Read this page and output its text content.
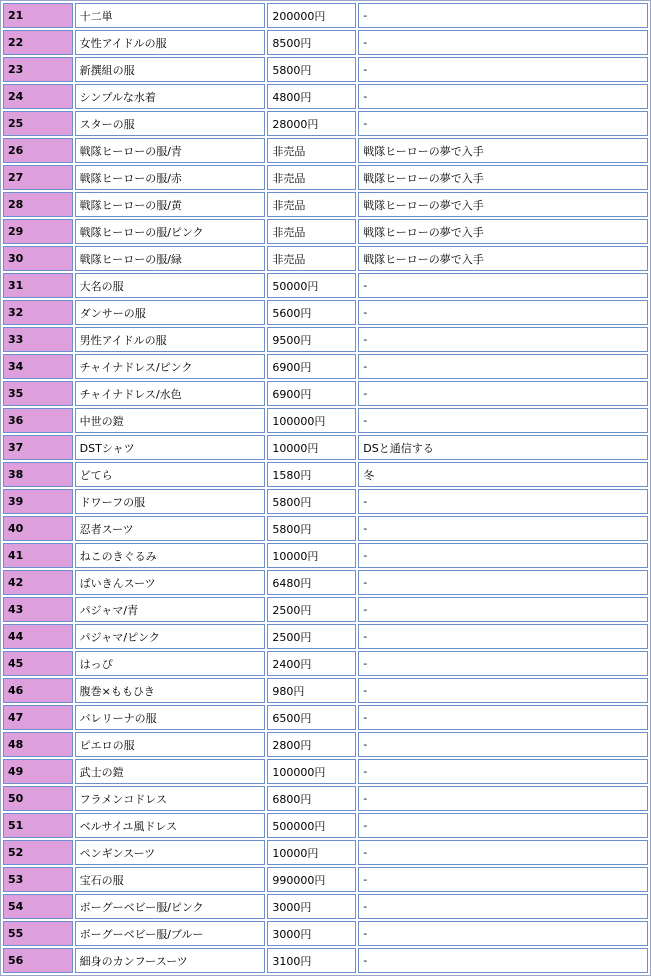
21	十二単	200000円	-
22	女性アイドルの服	8500円	-
23	新撰組の服	5800円	-
24	シンプルな水着	4800円	-
25	スターの服	28000円	-
26	戦隊ヒーローの服/青	非売品	戦隊ヒーローの夢で入手
27	戦隊ヒーローの服/赤	非売品	戦隊ヒーローの夢で入手
28	戦隊ヒーローの服/黄	非売品	戦隊ヒーローの夢で入手
29	戦隊ヒーローの服/ピンク	非売品	戦隊ヒーローの夢で入手
30	戦隊ヒーローの服/緑	非売品	戦隊ヒーローの夢で入手
31	大名の服	50000円	-
32	ダンサーの服	5600円	-
33	男性アイドルの服	9500円	-
34	チャイナドレス/ピンク	6900円	-
35	チャイナドレス/水色	6900円	-
36	中世の鎧	100000円	-
37	DSTシャツ	10000円	DSと通信する
38	どてら	1580円	冬
39	ドワーフの服	5800円	-
40	忍者スーツ	5800円	-
41	ねこのきぐるみ	10000円	-
42	ぱいきんスーツ	6480円	-
43	パジャマ/青	2500円	-
44	パジャマ/ピンク	2500円	-
45	はっぴ	2400円	-
46	腹巻×ももひき	980円	-
47	バレリーナの服	6500円	-
48	ピエロの服	2800円	-
49	武士の鎧	100000円	-
50	フラメンコドレス	6800円	-
51	ベルサイユ風ドレス	500000円	-
52	ペンギンスーツ	10000円	-
53	宝石の服	990000円	-
54	ボーグーベビー服/ピンク	3000円	-
55	ボーグーベビー服/ブルー	3000円	-
56	細身のカンフースーツ	3100円	-
